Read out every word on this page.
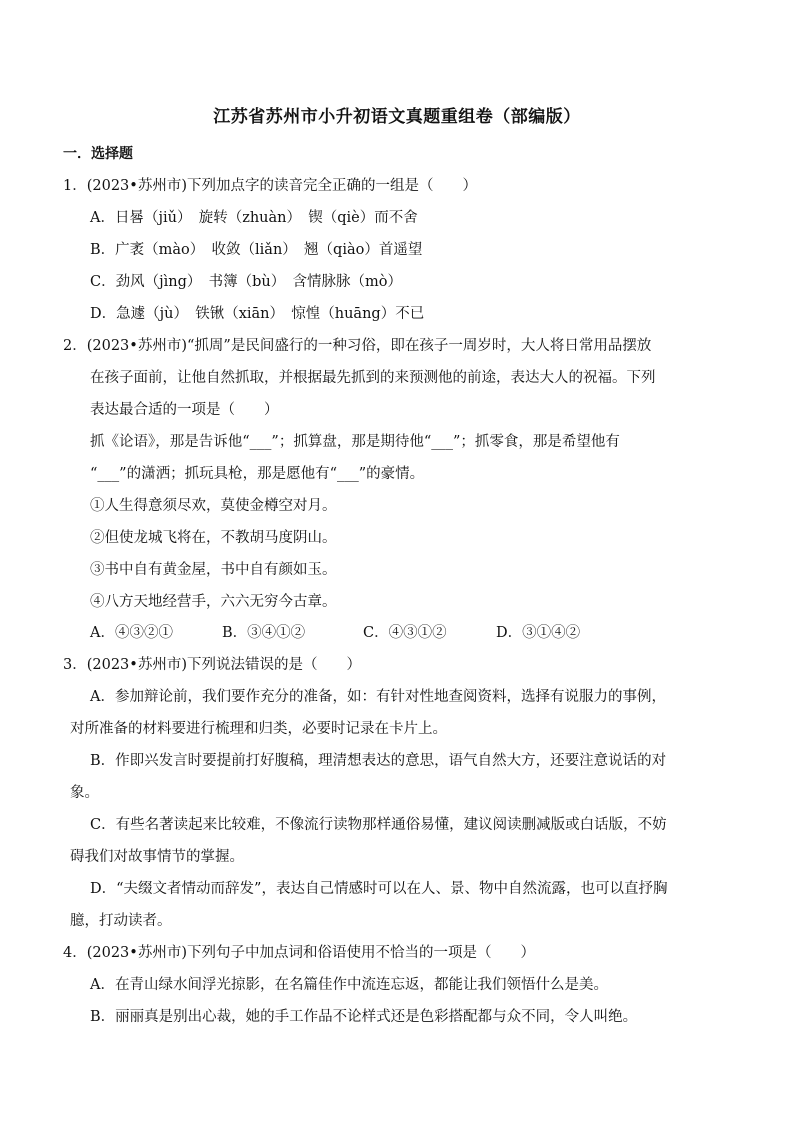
江苏省苏州市小升初语文真题重组卷（部编版）
一．选择题
1．(2023•苏州市)下列加点字的读音完全正确的一组是（　　）
A．日晷（jiǔ）　旋转（zhuàn）　锲（qiè）而不舍
B．广袤（mào）　收敛（liǎn）　翘（qiào）首遥望
C．劲风（jìng）　书簿（bù）　含情脉脉（mò）
D．急遽（jù）　铁锹（xiān）　惊惶（huāng）不已
2．(2023•苏州市)“抓周”是民间盛行的一种习俗，即在孩子一周岁时，大人将日常用品摆放
在孩子面前，让他自然抓取，并根据最先抓到的来预测他的前途，表达大人的祝福。下列
表达最合适的一项是（　　）
抓《论语》，那是告诉他“___”；抓算盘，那是期待他“___”；抓零食，那是希望他有
“___”的潇洒；抓玩具枪，那是愿他有“___”的豪情。
①人生得意须尽欢，莫使金樽空对月。
②但使龙城飞将在，不教胡马度阴山。
③书中自有黄金屋，书中自有颜如玉。
④八方天地经营手，六六无穷今古章。
A．④③②①	B．③④①②	C．④③①②	D．③①④②
3．(2023•苏州市)下列说法错误的是（　　）
A．参加辩论前，我们要作充分的准备，如：有针对性地查阅资料，选择有说服力的事例，
对所准备的材料要进行梳理和归类，必要时记录在卡片上。
B．作即兴发言时要提前打好腹稿，理清想表达的意思，语气自然大方，还要注意说话的对
象。
C．有些名著读起来比较难，不像流行读物那样通俗易懂，建议阅读删减版或白话版，不妨
碍我们对故事情节的掌握。
D．“夫缀文者情动而辞发”，表达自己情感时可以在人、景、物中自然流露，也可以直抒胸
臆，打动读者。
4．(2023•苏州市)下列句子中加点词和俗语使用不恰当的一项是（　　）
A．在青山绿水间浮光掠影，在名篇佳作中流连忘返，都能让我们领悟什么是美。
B．丽丽真是别出心裁，她的手工作品不论样式还是色彩搭配都与众不同，令人叫绝。
